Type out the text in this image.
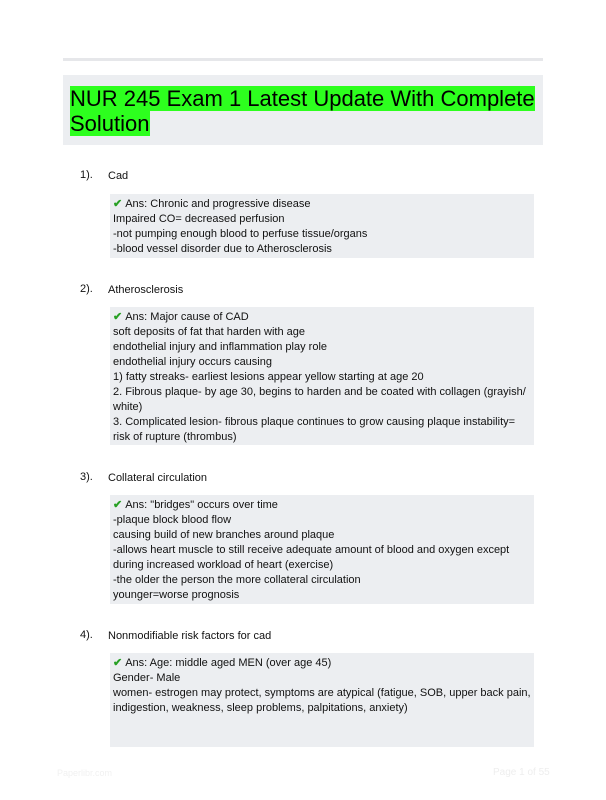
NUR 245 Exam 1 Latest Update With Complete Solution
1). Cad
✔ Ans: Chronic and progressive disease
Impaired CO= decreased perfusion
-not pumping enough blood to perfuse tissue/organs
-blood vessel disorder due to Atherosclerosis
2). Atherosclerosis
✔ Ans: Major cause of CAD
soft deposits of fat that harden with age
endothelial injury and inflammation play role
endothelial injury occurs causing
1) fatty streaks- earliest lesions appear yellow starting at age 20
2. Fibrous plaque- by age 30, begins to harden and be coated with collagen (grayish/ white)
3. Complicated lesion- fibrous plaque continues to grow causing plaque instability= risk of rupture (thrombus)
3). Collateral circulation
✔ Ans: "bridges" occurs over time
-plaque block blood flow
causing build of new branches around plaque
-allows heart muscle to still receive adequate amount of blood and oxygen except during increased workload of heart (exercise)
-the older the person the more collateral circulation
younger=worse prognosis
4). Nonmodifiable risk factors for cad
✔ Ans: Age: middle aged MEN (over age 45)
Gender- Male
women- estrogen may protect, symptoms are atypical (fatigue, SOB, upper back pain, indigestion, weakness, sleep problems, palpitations, anxiety)
Paperlibr.com	Page 1 of 55
